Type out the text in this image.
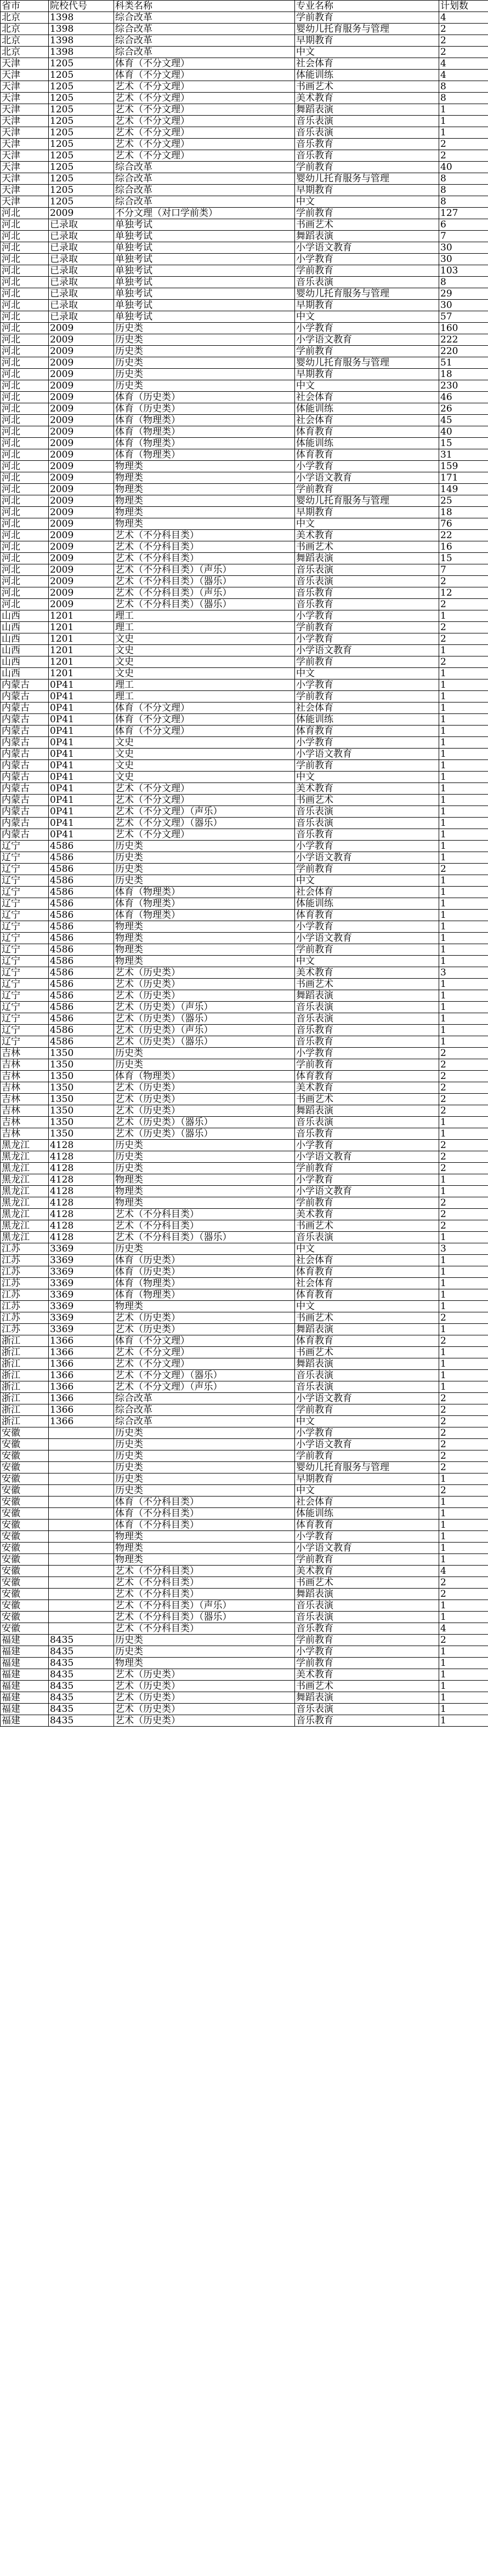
省市	院校代号	科类名称	专业名称	计划数
北京	1398	综合改革	学前教育	4
北京	1398	综合改革	婴幼儿托育服务与管理	2
北京	1398	综合改革	早期教育	2
北京	1398	综合改革	中文	2
天津	1205	体育（不分文理）	社会体育	4
天津	1205	体育（不分文理）	体能训练	4
天津	1205	艺术（不分文理）	书画艺术	8
天津	1205	艺术（不分文理）	美术教育	8
天津	1205	艺术（不分文理）	舞蹈表演	1
天津	1205	艺术（不分文理）	音乐表演	1
天津	1205	艺术（不分文理）	音乐表演	1
天津	1205	艺术（不分文理）	音乐教育	2
天津	1205	艺术（不分文理）	音乐教育	2
天津	1205	综合改革	学前教育	40
天津	1205	综合改革	婴幼儿托育服务与管理	8
天津	1205	综合改革	早期教育	8
天津	1205	综合改革	中文	8
河北	2009	不分文理（对口学前类）	学前教育	127
河北	已录取	单独考试	书画艺术	6
河北	已录取	单独考试	舞蹈表演	7
河北	已录取	单独考试	小学语文教育	30
河北	已录取	单独考试	小学教育	30
河北	已录取	单独考试	学前教育	103
河北	已录取	单独考试	音乐表演	8
河北	已录取	单独考试	婴幼儿托育服务与管理	29
河北	已录取	单独考试	早期教育	30
河北	已录取	单独考试	中文	57
河北	2009	历史类	小学教育	160
河北	2009	历史类	小学语文教育	222
河北	2009	历史类	学前教育	220
河北	2009	历史类	婴幼儿托育服务与管理	51
河北	2009	历史类	早期教育	18
河北	2009	历史类	中文	230
河北	2009	体育（历史类）	社会体育	46
河北	2009	体育（历史类）	体能训练	26
河北	2009	体育（物理类）	社会体育	45
河北	2009	体育（物理类）	体育教育	40
河北	2009	体育（物理类）	体能训练	15
河北	2009	体育（物理类）	体育教育	31
河北	2009	物理类	小学教育	159
河北	2009	物理类	小学语文教育	171
河北	2009	物理类	学前教育	149
河北	2009	物理类	婴幼儿托育服务与管理	25
河北	2009	物理类	早期教育	18
河北	2009	物理类	中文	76
河北	2009	艺术（不分科目类）	美术教育	22
河北	2009	艺术（不分科目类）	书画艺术	16
河北	2009	艺术（不分科目类）	舞蹈表演	15
河北	2009	艺术（不分科目类）（声乐）	音乐表演	7
河北	2009	艺术（不分科目类）（器乐）	音乐表演	2
河北	2009	艺术（不分科目类）（声乐）	音乐教育	12
河北	2009	艺术（不分科目类）（器乐）	音乐教育	2
山西	1201	理工	小学教育	1
山西	1201	理工	学前教育	2
山西	1201	文史	小学教育	2
山西	1201	文史	小学语文教育	1
山西	1201	文史	学前教育	2
山西	1201	文史	中文	1
内蒙古	0P41	理工	小学教育	1
内蒙古	0P41	理工	学前教育	1
内蒙古	0P41	体育（不分文理）	社会体育	1
内蒙古	0P41	体育（不分文理）	体能训练	1
内蒙古	0P41	体育（不分文理）	体育教育	1
内蒙古	0P41	文史	小学教育	1
内蒙古	0P41	文史	小学语文教育	1
内蒙古	0P41	文史	学前教育	1
内蒙古	0P41	文史	中文	1
内蒙古	0P41	艺术（不分文理）	美术教育	1
内蒙古	0P41	艺术（不分文理）	书画艺术	1
内蒙古	0P41	艺术（不分文理）（声乐）	音乐表演	1
内蒙古	0P41	艺术（不分文理）（器乐）	音乐表演	1
内蒙古	0P41	艺术（不分文理）	音乐教育	1
辽宁	4586	历史类	小学教育	1
辽宁	4586	历史类	小学语文教育	1
辽宁	4586	历史类	学前教育	2
辽宁	4586	历史类	中文	1
辽宁	4586	体育（物理类）	社会体育	1
辽宁	4586	体育（物理类）	体能训练	1
辽宁	4586	体育（物理类）	体育教育	1
辽宁	4586	物理类	小学教育	1
辽宁	4586	物理类	小学语文教育	1
辽宁	4586	物理类	学前教育	1
辽宁	4586	物理类	中文	1
辽宁	4586	艺术（历史类）	美术教育	3
辽宁	4586	艺术（历史类）	书画艺术	1
辽宁	4586	艺术（历史类）	舞蹈表演	1
辽宁	4586	艺术（历史类）（声乐）	音乐表演	1
辽宁	4586	艺术（历史类）（器乐）	音乐表演	1
辽宁	4586	艺术（历史类）（声乐）	音乐教育	1
辽宁	4586	艺术（历史类）（器乐）	音乐教育	1
吉林	1350	历史类	小学教育	2
吉林	1350	历史类	学前教育	2
吉林	1350	体育（物理类）	体育教育	2
吉林	1350	艺术（历史类）	美术教育	2
吉林	1350	艺术（历史类）	书画艺术	2
吉林	1350	艺术（历史类）	舞蹈表演	2
吉林	1350	艺术（历史类）（器乐）	音乐表演	1
吉林	1350	艺术（历史类）（器乐）	音乐教育	1
黑龙江	4128	历史类	小学教育	2
黑龙江	4128	历史类	小学语文教育	2
黑龙江	4128	历史类	学前教育	2
黑龙江	4128	物理类	小学教育	1
黑龙江	4128	物理类	小学语文教育	1
黑龙江	4128	物理类	学前教育	2
黑龙江	4128	艺术（不分科目类）	美术教育	2
黑龙江	4128	艺术（不分科目类）	书画艺术	2
黑龙江	4128	艺术（不分科目类）（器乐）	音乐表演	1
江苏	3369	历史类	中文	3
江苏	3369	体育（历史类）	社会体育	1
江苏	3369	体育（历史类）	体育教育	1
江苏	3369	体育（物理类）	社会体育	1
江苏	3369	体育（物理类）	体育教育	1
江苏	3369	物理类	中文	1
江苏	3369	艺术（历史类）	书画艺术	2
江苏	3369	艺术（历史类）	舞蹈表演	1
浙江	1366	体育（不分文理）	体育教育	2
浙江	1366	艺术（不分文理）	书画艺术	1
浙江	1366	艺术（不分文理）	舞蹈表演	1
浙江	1366	艺术（不分文理）（器乐）	音乐表演	1
浙江	1366	艺术（不分文理）（声乐）	音乐表演	1
浙江	1366	综合改革	小学语文教育	2
浙江	1366	综合改革	学前教育	2
浙江	1366	综合改革	中文	2
安徽		历史类	小学教育	2
安徽		历史类	小学语文教育	2
安徽		历史类	学前教育	2
安徽		历史类	婴幼儿托育服务与管理	2
安徽		历史类	早期教育	1
安徽		历史类	中文	2
安徽		体育（不分科目类）	社会体育	1
安徽		体育（不分科目类）	体能训练	1
安徽		体育（不分科目类）	体育教育	1
安徽		物理类	小学教育	1
安徽		物理类	小学语文教育	1
安徽		物理类	学前教育	1
安徽		艺术（不分科目类）	美术教育	4
安徽		艺术（不分科目类）	书画艺术	2
安徽		艺术（不分科目类）	舞蹈表演	2
安徽		艺术（不分科目类）（声乐）	音乐表演	1
安徽		艺术（不分科目类）（器乐）	音乐表演	1
安徽		艺术（不分科目类）	音乐教育	4
福建	8435	历史类	学前教育	2
福建	8435	历史类	小学教育	1
福建	8435	物理类	学前教育	1
福建	8435	艺术（历史类）	美术教育	1
福建	8435	艺术（历史类）	书画艺术	1
福建	8435	艺术（历史类）	舞蹈表演	1
福建	8435	艺术（历史类）	音乐表演	1
福建	8435	艺术（历史类）	音乐教育	1
